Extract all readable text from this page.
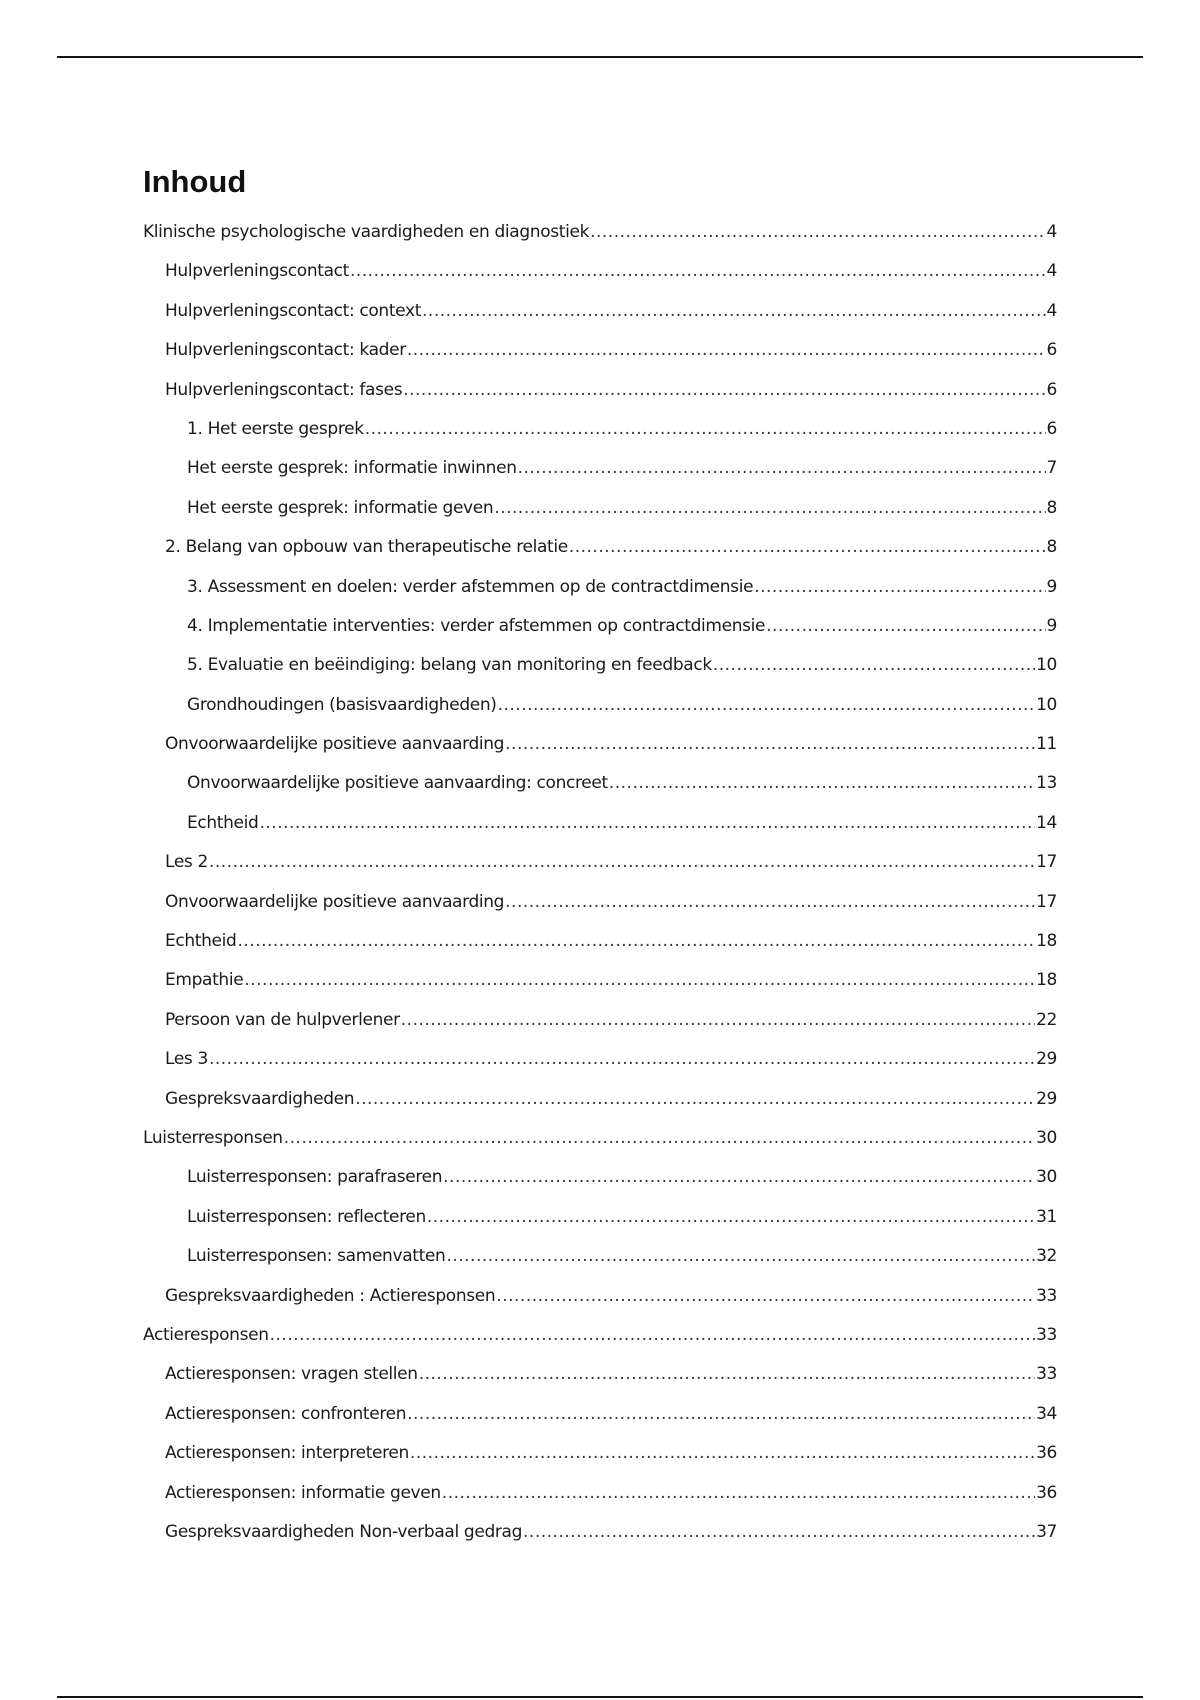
Inhoud
Klinische psychologische vaardigheden en diagnostiek .....	4
Hulpverleningscontact .....	4
Hulpverleningscontact: context .....	4
Hulpverleningscontact: kader .....	6
Hulpverleningscontact: fases .....	6
1. Het eerste gesprek .....	6
Het eerste gesprek: informatie inwinnen .....	7
Het eerste gesprek: informatie geven .....	8
2. Belang van opbouw van therapeutische relatie .....	8
3. Assessment en doelen: verder afstemmen op de contractdimensie .....	9
4. Implementatie interventies: verder afstemmen op contractdimensie .....	9
5. Evaluatie en beëindiging: belang van monitoring en feedback .....	10
Grondhoudingen (basisvaardigheden) .....	10
Onvoorwaardelijke positieve aanvaarding .....	11
Onvoorwaardelijke positieve aanvaarding: concreet .....	13
Echtheid .....	14
Les 2 .....	17
Onvoorwaardelijke positieve aanvaarding .....	17
Echtheid .....	18
Empathie .....	18
Persoon van de hulpverlener .....	22
Les 3 .....	29
Gespreksvaardigheden .....	29
Luisterresponsen .....	30
Luisterresponsen: parafraseren .....	30
Luisterresponsen: reflecteren .....	31
Luisterresponsen: samenvatten .....	32
Gespreksvaardigheden : Actieresponsen .....	33
Actieresponsen .....	33
Actieresponsen: vragen stellen .....	33
Actieresponsen: confronteren .....	34
Actieresponsen: interpreteren .....	36
Actieresponsen: informatie geven .....	36
Gespreksvaardigheden Non-verbaal gedrag .....	37
